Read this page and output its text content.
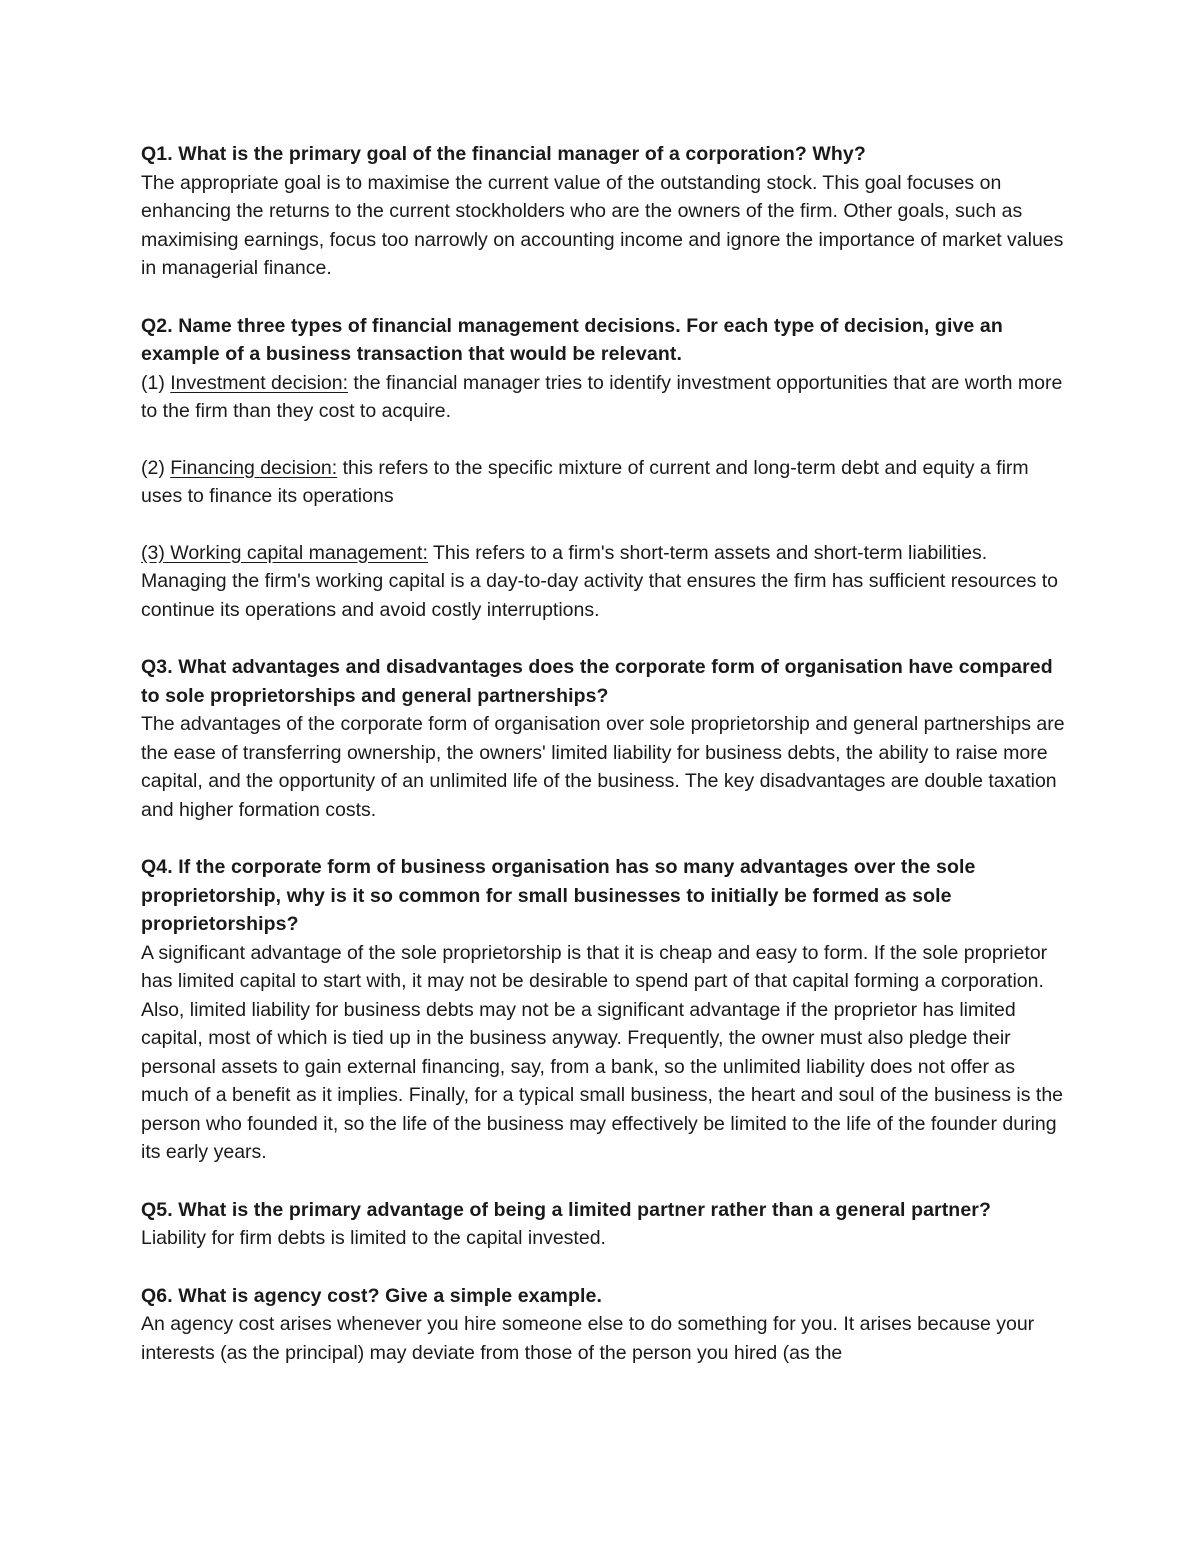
Q1. What is the primary goal of the financial manager of a corporation? Why?

The appropriate goal is to maximise the current value of the outstanding stock. This goal focuses on enhancing the returns to the current stockholders who are the owners of the firm. Other goals, such as maximising earnings, focus too narrowly on accounting income and ignore the importance of market values in managerial finance.

Q2. Name three types of financial management decisions. For each type of decision, give an example of a business transaction that would be relevant.

(1) Investment decision: the financial manager tries to identify investment opportunities that are worth more to the firm than they cost to acquire.

(2) Financing decision: this refers to the specific mixture of current and long-term debt and equity a firm uses to finance its operations

(3) Working capital management: This refers to a firm's short-term assets and short-term liabilities. Managing the firm's working capital is a day-to-day activity that ensures the firm has sufficient resources to continue its operations and avoid costly interruptions.

Q3. What advantages and disadvantages does the corporate form of organisation have compared to sole proprietorships and general partnerships?

The advantages of the corporate form of organisation over sole proprietorship and general partnerships are the ease of transferring ownership, the owners' limited liability for business debts, the ability to raise more capital, and the opportunity of an unlimited life of the business. The key disadvantages are double taxation and higher formation costs.

Q4. If the corporate form of business organisation has so many advantages over the sole proprietorship, why is it so common for small businesses to initially be formed as sole proprietorships?

A significant advantage of the sole proprietorship is that it is cheap and easy to form. If the sole proprietor has limited capital to start with, it may not be desirable to spend part of that capital forming a corporation. Also, limited liability for business debts may not be a significant advantage if the proprietor has limited capital, most of which is tied up in the business anyway. Frequently, the owner must also pledge their personal assets to gain external financing, say, from a bank, so the unlimited liability does not offer as much of a benefit as it implies. Finally, for a typical small business, the heart and soul of the business is the person who founded it, so the life of the business may effectively be limited to the life of the founder during its early years.

Q5. What is the primary advantage of being a limited partner rather than a general partner?

Liability for firm debts is limited to the capital invested.

Q6. What is agency cost? Give a simple example.

An agency cost arises whenever you hire someone else to do something for you. It arises because your interests (as the principal) may deviate from those of the person you hired (as the
